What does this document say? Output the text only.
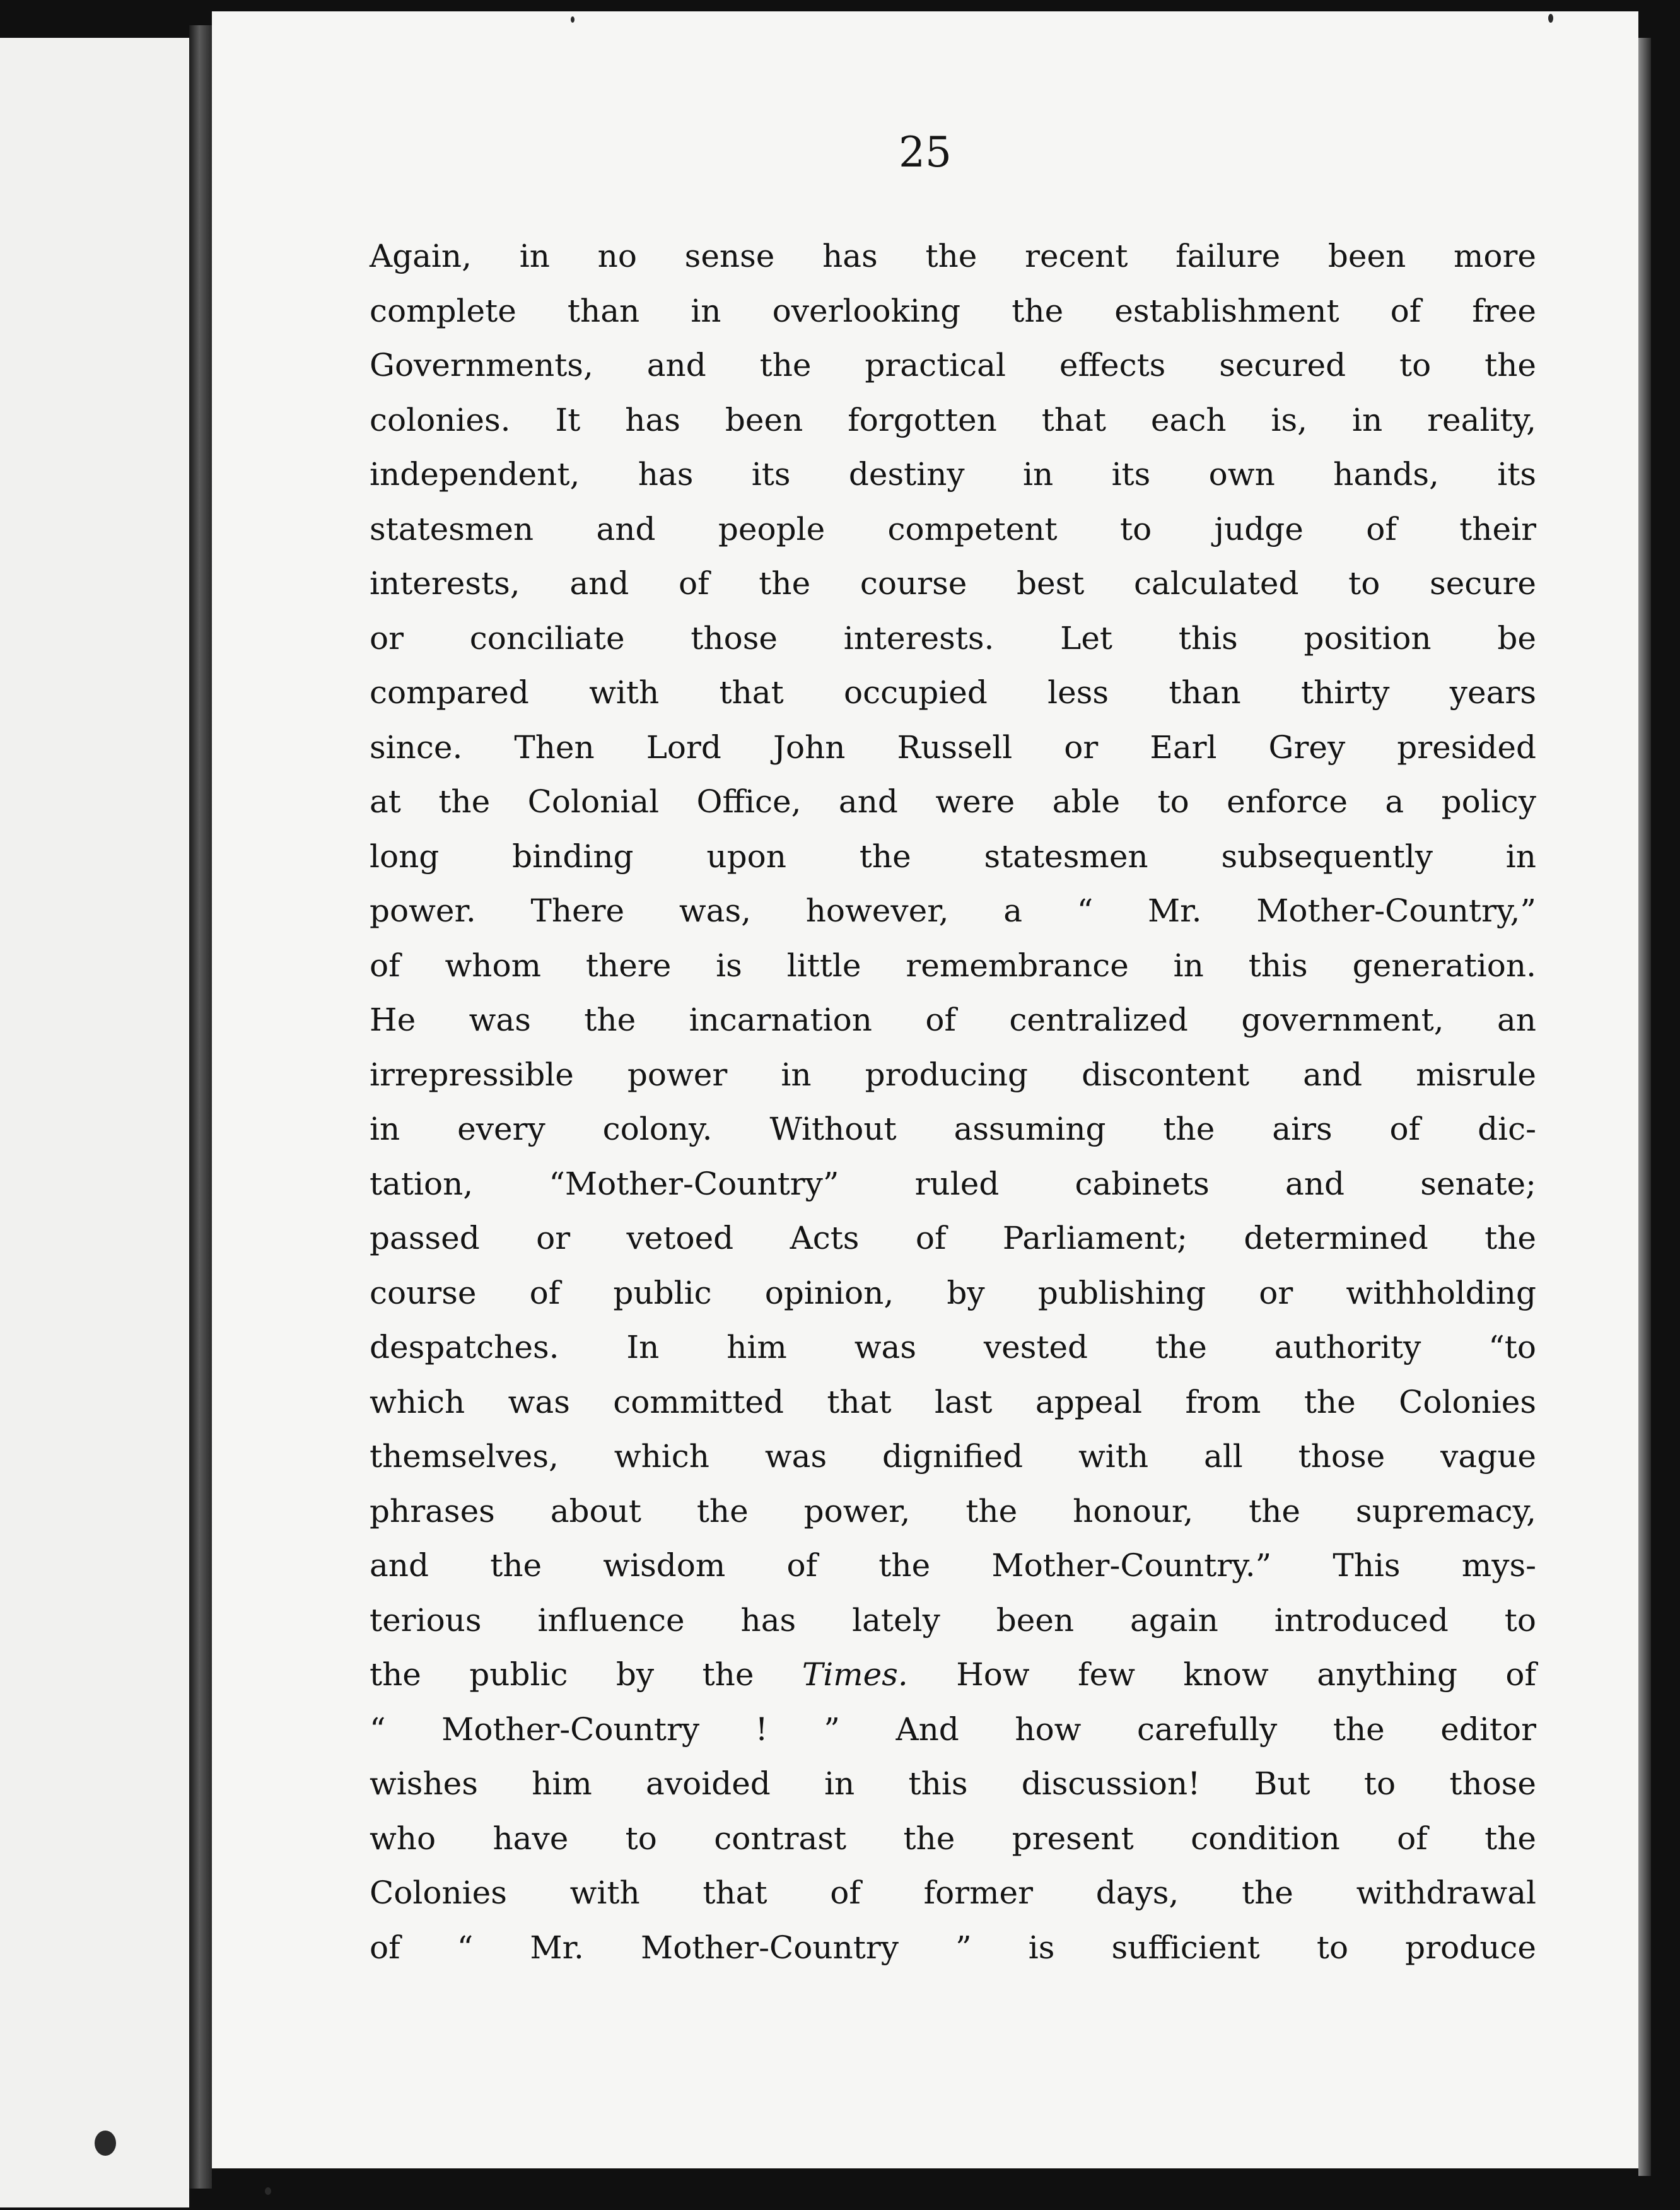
25
Again, in no sense has the recent failure been more
complete than in overlooking the establishment of free
Governments, and the practical effects secured to the
colonies. It has been forgotten that each is, in reality,
independent, has its destiny in its own hands, its
statesmen and people competent to judge of their
interests, and of the course best calculated to secure
or conciliate those interests. Let this position be
compared with that occupied less than thirty years
since. Then Lord John Russell or Earl Grey presided
at the Colonial Office, and were able to enforce a policy
long binding upon the statesmen subsequently in
power. There was, however, a “ Mr. Mother-Country,”
of whom there is little remembrance in this generation.
He was the incarnation of centralized government, an
irrepressible power in producing discontent and misrule
in every colony. Without assuming the airs of dic-
tation, “Mother-Country” ruled cabinets and senate;
passed or vetoed Acts of Parliament; determined the
course of public opinion, by publishing or withholding
despatches. In him was vested the authority “to
which was committed that last appeal from the Colonies
themselves, which was dignified with all those vague
phrases about the power, the honour, the supremacy,
and the wisdom of the Mother-Country.” This mys-
terious influence has lately been again introduced to
the public by the Times. How few know anything of
“ Mother-Country ! ” And how carefully the editor
wishes him avoided in this discussion! But to those
who have to contrast the present condition of the
Colonies with that of former days, the withdrawal
of “ Mr. Mother-Country ” is sufficient to produce
